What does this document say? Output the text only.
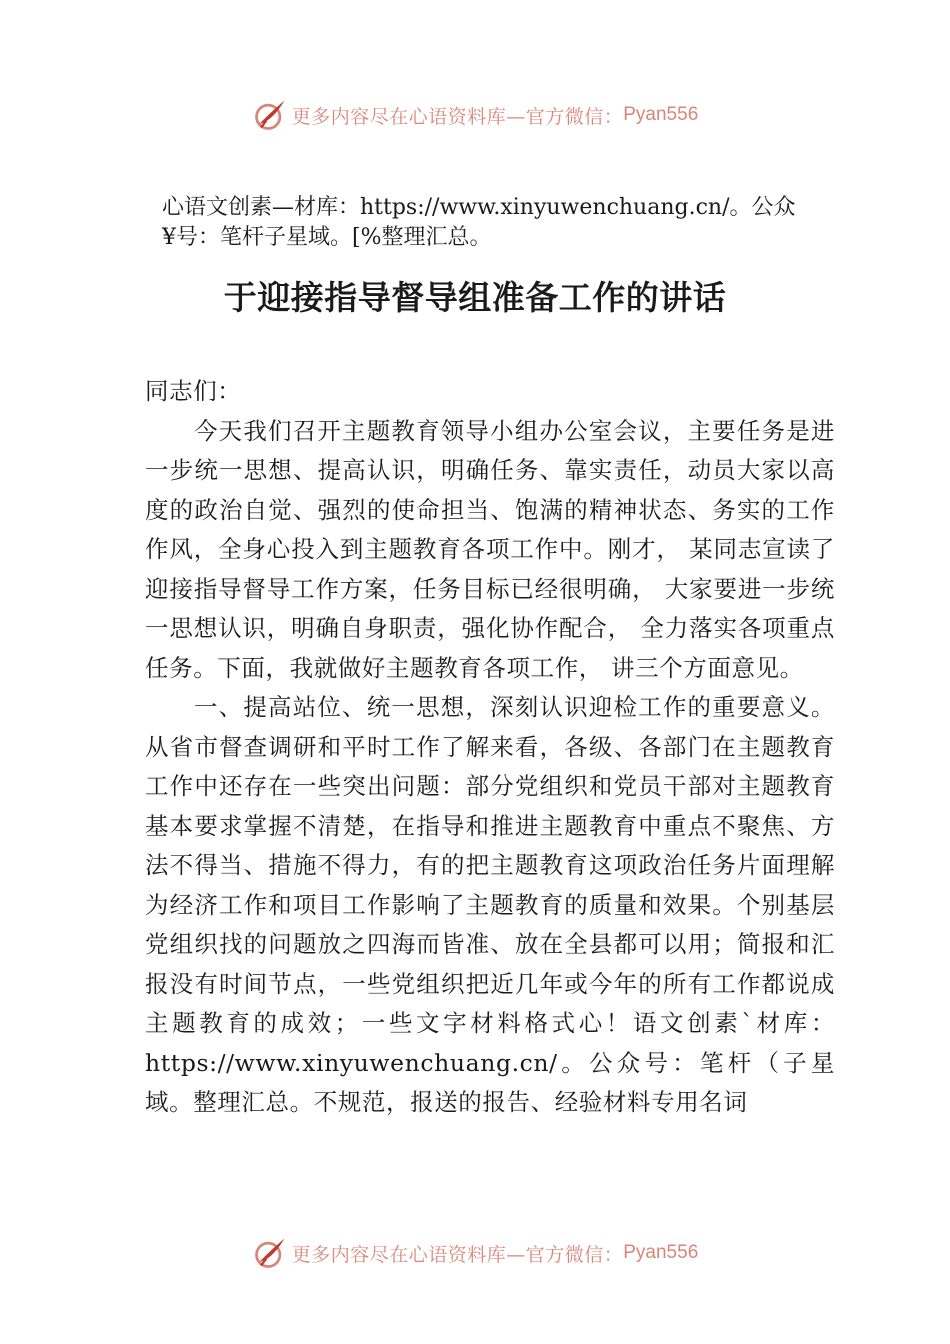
更多内容尽在心语资料库—官方微信： Pyan556

心语文创素—材库：https://www.xinyuwenchuang.cn/。公众¥号：笔杆子星域。[%整理汇总。

于迎接指导督导组准备工作的讲话

同志们：

今天我们召开主题教育领导小组办公室会议，主要任务是进一步统一思想、提高认识，明确任务、靠实责任，动员大家以高度的政治自觉、强烈的使命担当、饱满的精神状态、务实的工作作风，全身心投入到主题教育各项工作中。刚才， 某同志宣读了迎接指导督导工作方案，任务目标已经很明确， 大家要进一步统一思想认识，明确自身职责，强化协作配合， 全力落实各项重点任务。下面，我就做好主题教育各项工作， 讲三个方面意见。

一、提高站位、统一思想，深刻认识迎检工作的重要意义。从省市督查调研和平时工作了解来看，各级、各部门在主题教育工作中还存在一些突出问题：部分党组织和党员干部对主题教育基本要求掌握不清楚，在指导和推进主题教育中重点不聚焦、方法不得当、措施不得力，有的把主题教育这项政治任务片面理解为经济工作和项目工作影响了主题教育的质量和效果。个别基层党组织找的问题放之四海而皆准、放在全县都可以用；简报和汇报没有时间节点，一些党组织把近几年或今年的所有工作都说成主题教育的成效；一些文字材料格式心！语文创素`材库：https://www.xinyuwenchuang.cn/。公众号：笔杆（子星域。整理汇总。不规范，报送的报告、经验材料专用名词

更多内容尽在心语资料库—官方微信： Pyan556
